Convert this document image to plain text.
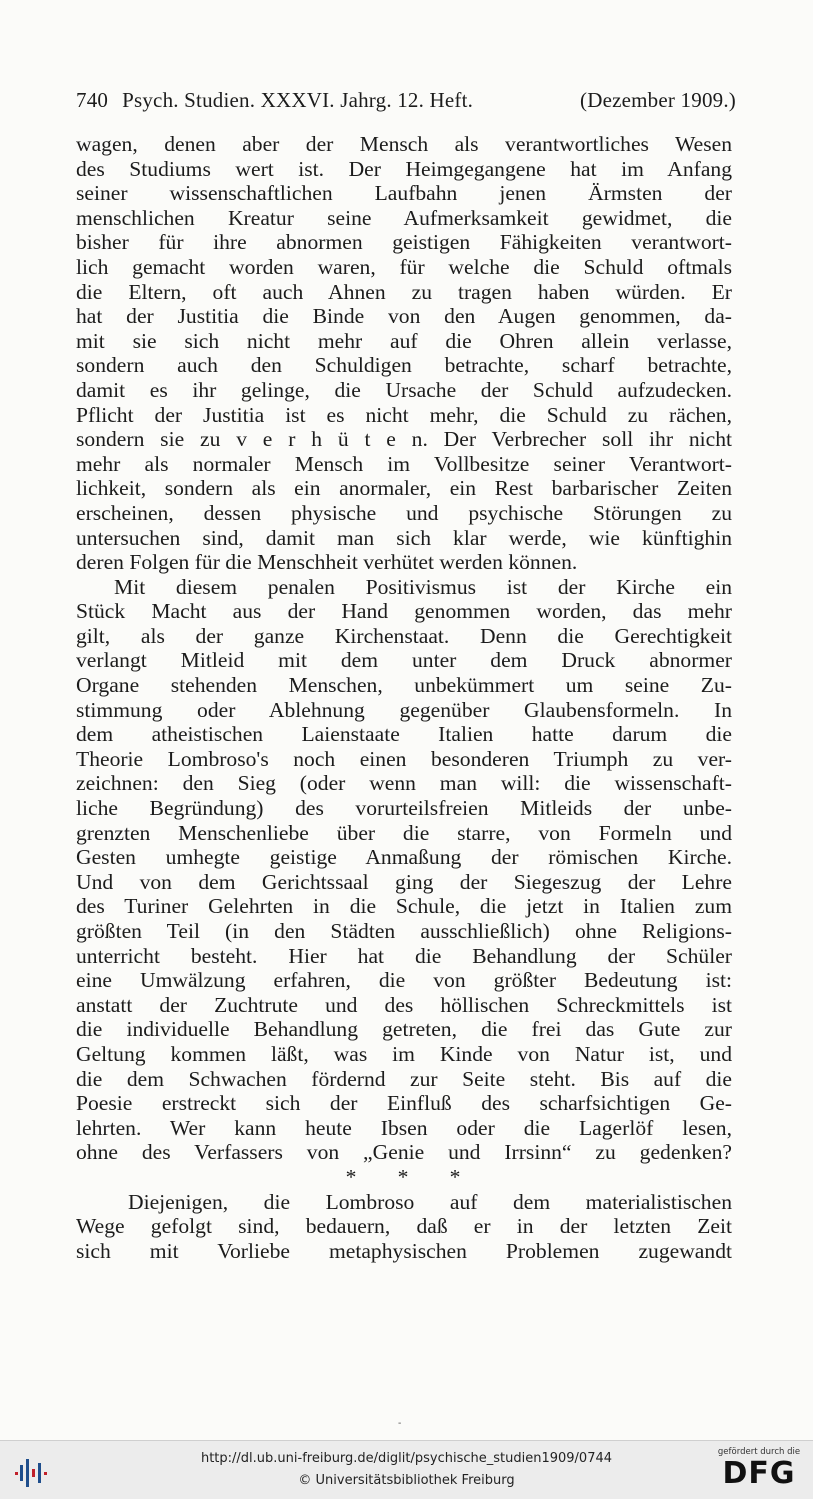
740 Psych. Studien. XXXVI. Jahrg. 12. Heft.	(Dezember 1909.)
wagen, denen aber der Mensch als verantwortliches Wesen
des Studiums wert ist. Der Heimgegangene hat im Anfang
seiner wissenschaftlichen Laufbahn jenen Ärmsten der
menschlichen Kreatur seine Aufmerksamkeit gewidmet, die
bisher für ihre abnormen geistigen Fähigkeiten verantwort-
lich gemacht worden waren, für welche die Schuld oftmals
die Eltern, oft auch Ahnen zu tragen haben würden. Er
hat der Justitia die Binde von den Augen genommen, da-
mit sie sich nicht mehr auf die Ohren allein verlasse,
sondern auch den Schuldigen betrachte, scharf betrachte,
damit es ihr gelinge, die Ursache der Schuld aufzudecken.
Pflicht der Justitia ist es nicht mehr, die Schuld zu rächen,
sondern sie zu v e r h ü t e n. Der Verbrecher soll ihr nicht
mehr als normaler Mensch im Vollbesitze seiner Verantwort-
lichkeit, sondern als ein anormaler, ein Rest barbarischer Zeiten
erscheinen, dessen physische und psychische Störungen zu
untersuchen sind, damit man sich klar werde, wie künftighin
deren Folgen für die Menschheit verhütet werden können.
Mit diesem penalen Positivismus ist der Kirche ein
Stück Macht aus der Hand genommen worden, das mehr
gilt, als der ganze Kirchenstaat. Denn die Gerechtigkeit
verlangt Mitleid mit dem unter dem Druck abnormer
Organe stehenden Menschen, unbekümmert um seine Zu-
stimmung oder Ablehnung gegenüber Glaubensformeln. In
dem atheistischen Laienstaate Italien hatte darum die
Theorie Lombroso's noch einen besonderen Triumph zu ver-
zeichnen: den Sieg (oder wenn man will: die wissenschaft-
liche Begründung) des vorurteilsfreien Mitleids der unbe-
grenzten Menschenliebe über die starre, von Formeln und
Gesten umhegte geistige Anmaßung der römischen Kirche.
Und von dem Gerichtssaal ging der Siegeszug der Lehre
des Turiner Gelehrten in die Schule, die jetzt in Italien zum
größten Teil (in den Städten ausschließlich) ohne Religions-
unterricht besteht. Hier hat die Behandlung der Schüler
eine Umwälzung erfahren, die von größter Bedeutung ist:
anstatt der Zuchtrute und des höllischen Schreckmittels ist
die individuelle Behandlung getreten, die frei das Gute zur
Geltung kommen läßt, was im Kinde von Natur ist, und
die dem Schwachen fördernd zur Seite steht. Bis auf die
Poesie erstreckt sich der Einfluß des scharfsichtigen Ge-
lehrten. Wer kann heute Ibsen oder die Lagerlöf lesen,
ohne des Verfassers von „Genie und Irrsinn“ zu gedenken?
* * *
Diejenigen, die Lombroso auf dem materialistischen
Wege gefolgt sind, bedauern, daß er in der letzten Zeit
sich mit Vorliebe metaphysischen Problemen zugewandt
-
http://dl.ub.uni-freiburg.de/diglit/psychische_studien1909/0744
© Universitätsbibliothek Freiburg
gefördert durch die
DFG
